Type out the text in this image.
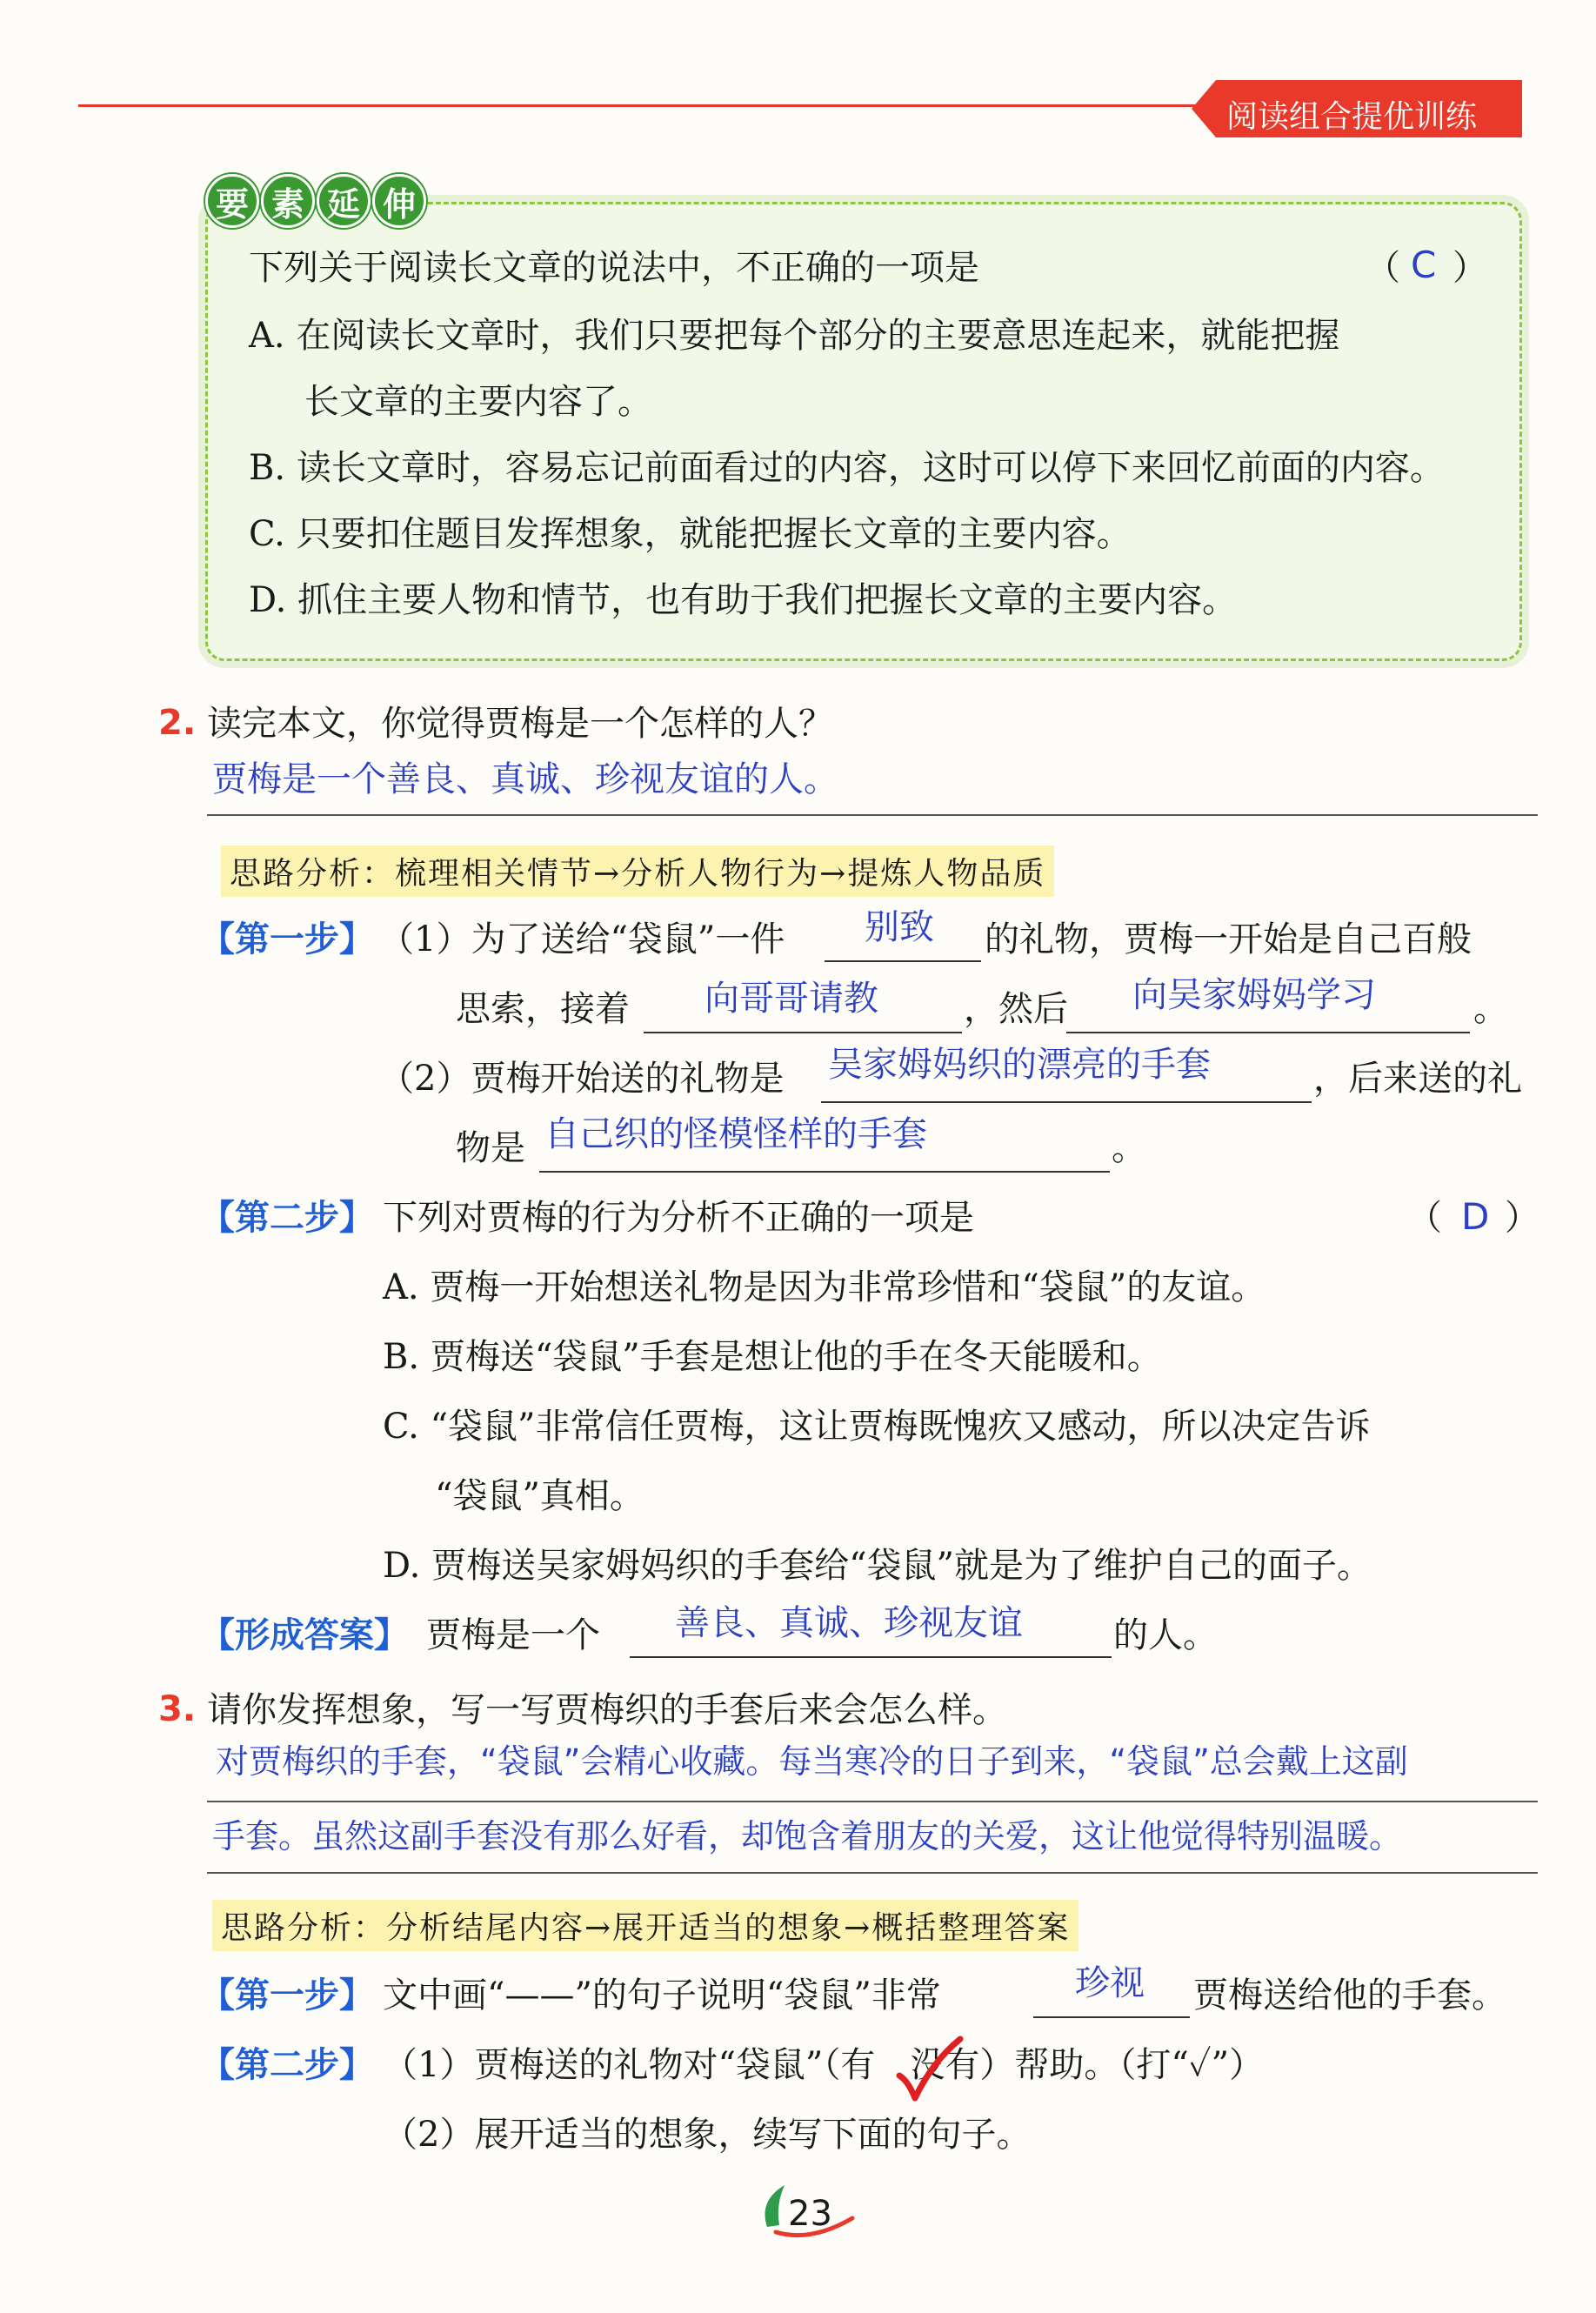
阅读组合提优训练
要 素 延 伸
下列关于阅读长文章的说法中，不正确的一项是	（ C ）
A. 在阅读长文章时，我们只要把每个部分的主要意思连起来，就能把握
长文章的主要内容了。
B. 读长文章时，容易忘记前面看过的内容，这时可以停下来回忆前面的内容。
C. 只要扣住题目发挥想象，就能把握长文章的主要内容。
D. 抓住主要人物和情节，也有助于我们把握长文章的主要内容。
2. 读完本文，你觉得贾梅是一个怎样的人？
贾梅是一个善良、真诚、珍视友谊的人。
思路分析：梳理相关情节→分析人物行为→提炼人物品质
【第一步】 （1）为了送给“袋鼠”一件 别致 的礼物，贾梅一开始是自己百般
思索，接着 向哥哥请教 ，然后 向吴家姆妈学习	。
（2）贾梅开始送的礼物是 吴家姆妈织的漂亮的手套	，后来送的礼
物是 自己织的怪模怪样的手套	。
【第二步】 下列对贾梅的行为分析不正确的一项是	（ D ）
A. 贾梅一开始想送礼物是因为非常珍惜和“袋鼠”的友谊。
B. 贾梅送“袋鼠”手套是想让他的手在冬天能暖和。
C. “袋鼠”非常信任贾梅，这让贾梅既愧疚又感动，所以决定告诉
“袋鼠”真相。
D. 贾梅送吴家姆妈织的手套给“袋鼠”就是为了维护自己的面子。
【形成答案】 贾梅是一个 善良、真诚、珍视友谊	的人。
3. 请你发挥想象，写一写贾梅织的手套后来会怎么样。
对贾梅织的手套，“袋鼠”会精心收藏。每当寒冷的日子到来，“袋鼠”总会戴上这副
手套。虽然这副手套没有那么好看，却饱含着朋友的关爱，这让他觉得特别温暖。
思路分析：分析结尾内容→展开适当的想象→概括整理答案
【第一步】 文中画“——”的句子说明“袋鼠”非常	珍视 贾梅送给他的手套。
【第二步】 （1）贾梅送的礼物对“袋鼠”（有　没有）帮助。（打“✓”）
（2）展开适当的想象，续写下面的句子。
23
